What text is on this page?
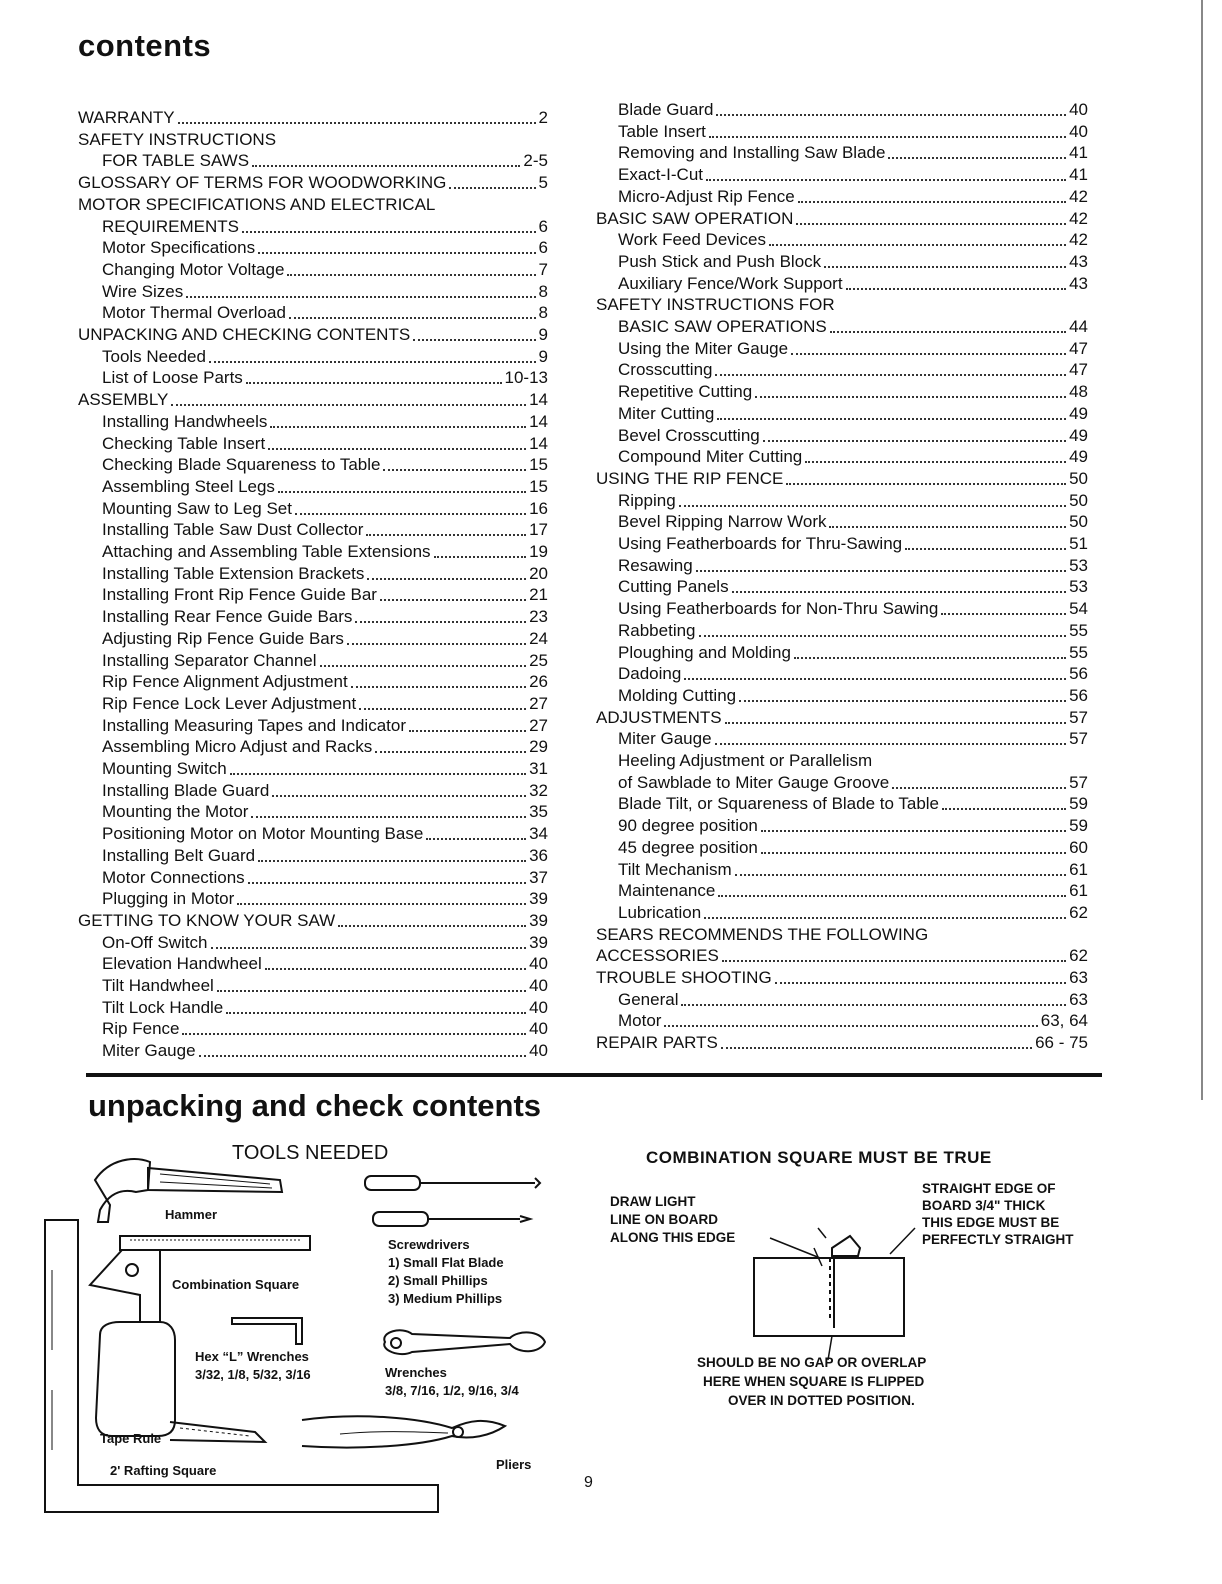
contents
WARRANTY	2
SAFETY INSTRUCTIONS
FOR TABLE SAWS	2-5
GLOSSARY OF TERMS FOR WOODWORKING	5
MOTOR SPECIFICATIONS AND ELECTRICAL
REQUIREMENTS	6
Motor Specifications	6
Changing Motor Voltage	7
Wire Sizes	8
Motor Thermal Overload	8
UNPACKING AND CHECKING CONTENTS	9
Tools Needed	9
List of Loose Parts	10-13
ASSEMBLY	14
Installing Handwheels	14
Checking Table Insert	14
Checking Blade Squareness to Table	15
Assembling Steel Legs	15
Mounting Saw to Leg Set	16
Installing Table Saw Dust Collector	17
Attaching and Assembling Table Extensions	19
Installing Table Extension Brackets	20
Installing Front Rip Fence Guide Bar	21
Installing Rear Fence Guide Bars	23
Adjusting Rip Fence Guide Bars	24
Installing Separator Channel	25
Rip Fence Alignment Adjustment	26
Rip Fence Lock Lever Adjustment	27
Installing Measuring Tapes and Indicator	27
Assembling Micro Adjust and Racks	29
Mounting Switch	31
Installing Blade Guard	32
Mounting the Motor	35
Positioning Motor on Motor Mounting Base	34
Installing Belt Guard	36
Motor Connections	37
Plugging in Motor	39
GETTING TO KNOW YOUR SAW	39
On-Off Switch	39
Elevation Handwheel	40
Tilt Handwheel	40
Tilt Lock Handle	40
Rip Fence	40
Miter Gauge	40
Blade Guard	40
Table Insert	40
Removing and Installing Saw Blade	41
Exact-I-Cut	41
Micro-Adjust Rip Fence	42
BASIC SAW OPERATION	42
Work Feed Devices	42
Push Stick and Push Block	43
Auxiliary Fence/Work Support	43
SAFETY INSTRUCTIONS FOR
BASIC SAW OPERATIONS	44
Using the Miter Gauge	47
Crosscutting	47
Repetitive Cutting	48
Miter Cutting	49
Bevel Crosscutting	49
Compound Miter Cutting	49
USING THE RIP FENCE	50
Ripping	50
Bevel Ripping Narrow Work	50
Using Featherboards for Thru-Sawing	51
Resawing	53
Cutting Panels	53
Using Featherboards for Non-Thru Sawing	54
Rabbeting	55
Ploughing and Molding	55
Dadoing	56
Molding Cutting	56
ADJUSTMENTS	57
Miter Gauge	57
Heeling Adjustment or Parallelism
of Sawblade to Miter Gauge Groove	57
Blade Tilt, or Squareness of Blade to Table	59
90 degree position	59
45 degree position	60
Tilt Mechanism	61
Maintenance	61
Lubrication	62
SEARS RECOMMENDS THE FOLLOWING
ACCESSORIES	62
TROUBLE SHOOTING	63
General	63
Motor	63, 64
REPAIR PARTS	66 - 75
unpacking and check contents
TOOLS NEEDED
Hammer
Combination Square
Screwdrivers
1) Small Flat Blade
2) Small Phillips
3) Medium Phillips
Hex “L” Wrenches
3/32, 1/8, 5/32, 3/16	Wrenches
3/8, 7/16, 1/2, 9/16, 3/4
Tape Rule
2' Rafting Square	Pliers
COMBINATION SQUARE MUST BE TRUE
DRAW LIGHT
LINE ON BOARD
ALONG THIS EDGE
STRAIGHT EDGE OF
BOARD 3/4" THICK
THIS EDGE MUST BE
PERFECTLY STRAIGHT
SHOULD BE NO GAP OR OVERLAP
HERE WHEN SQUARE IS FLIPPED
OVER IN DOTTED POSITION.
9
